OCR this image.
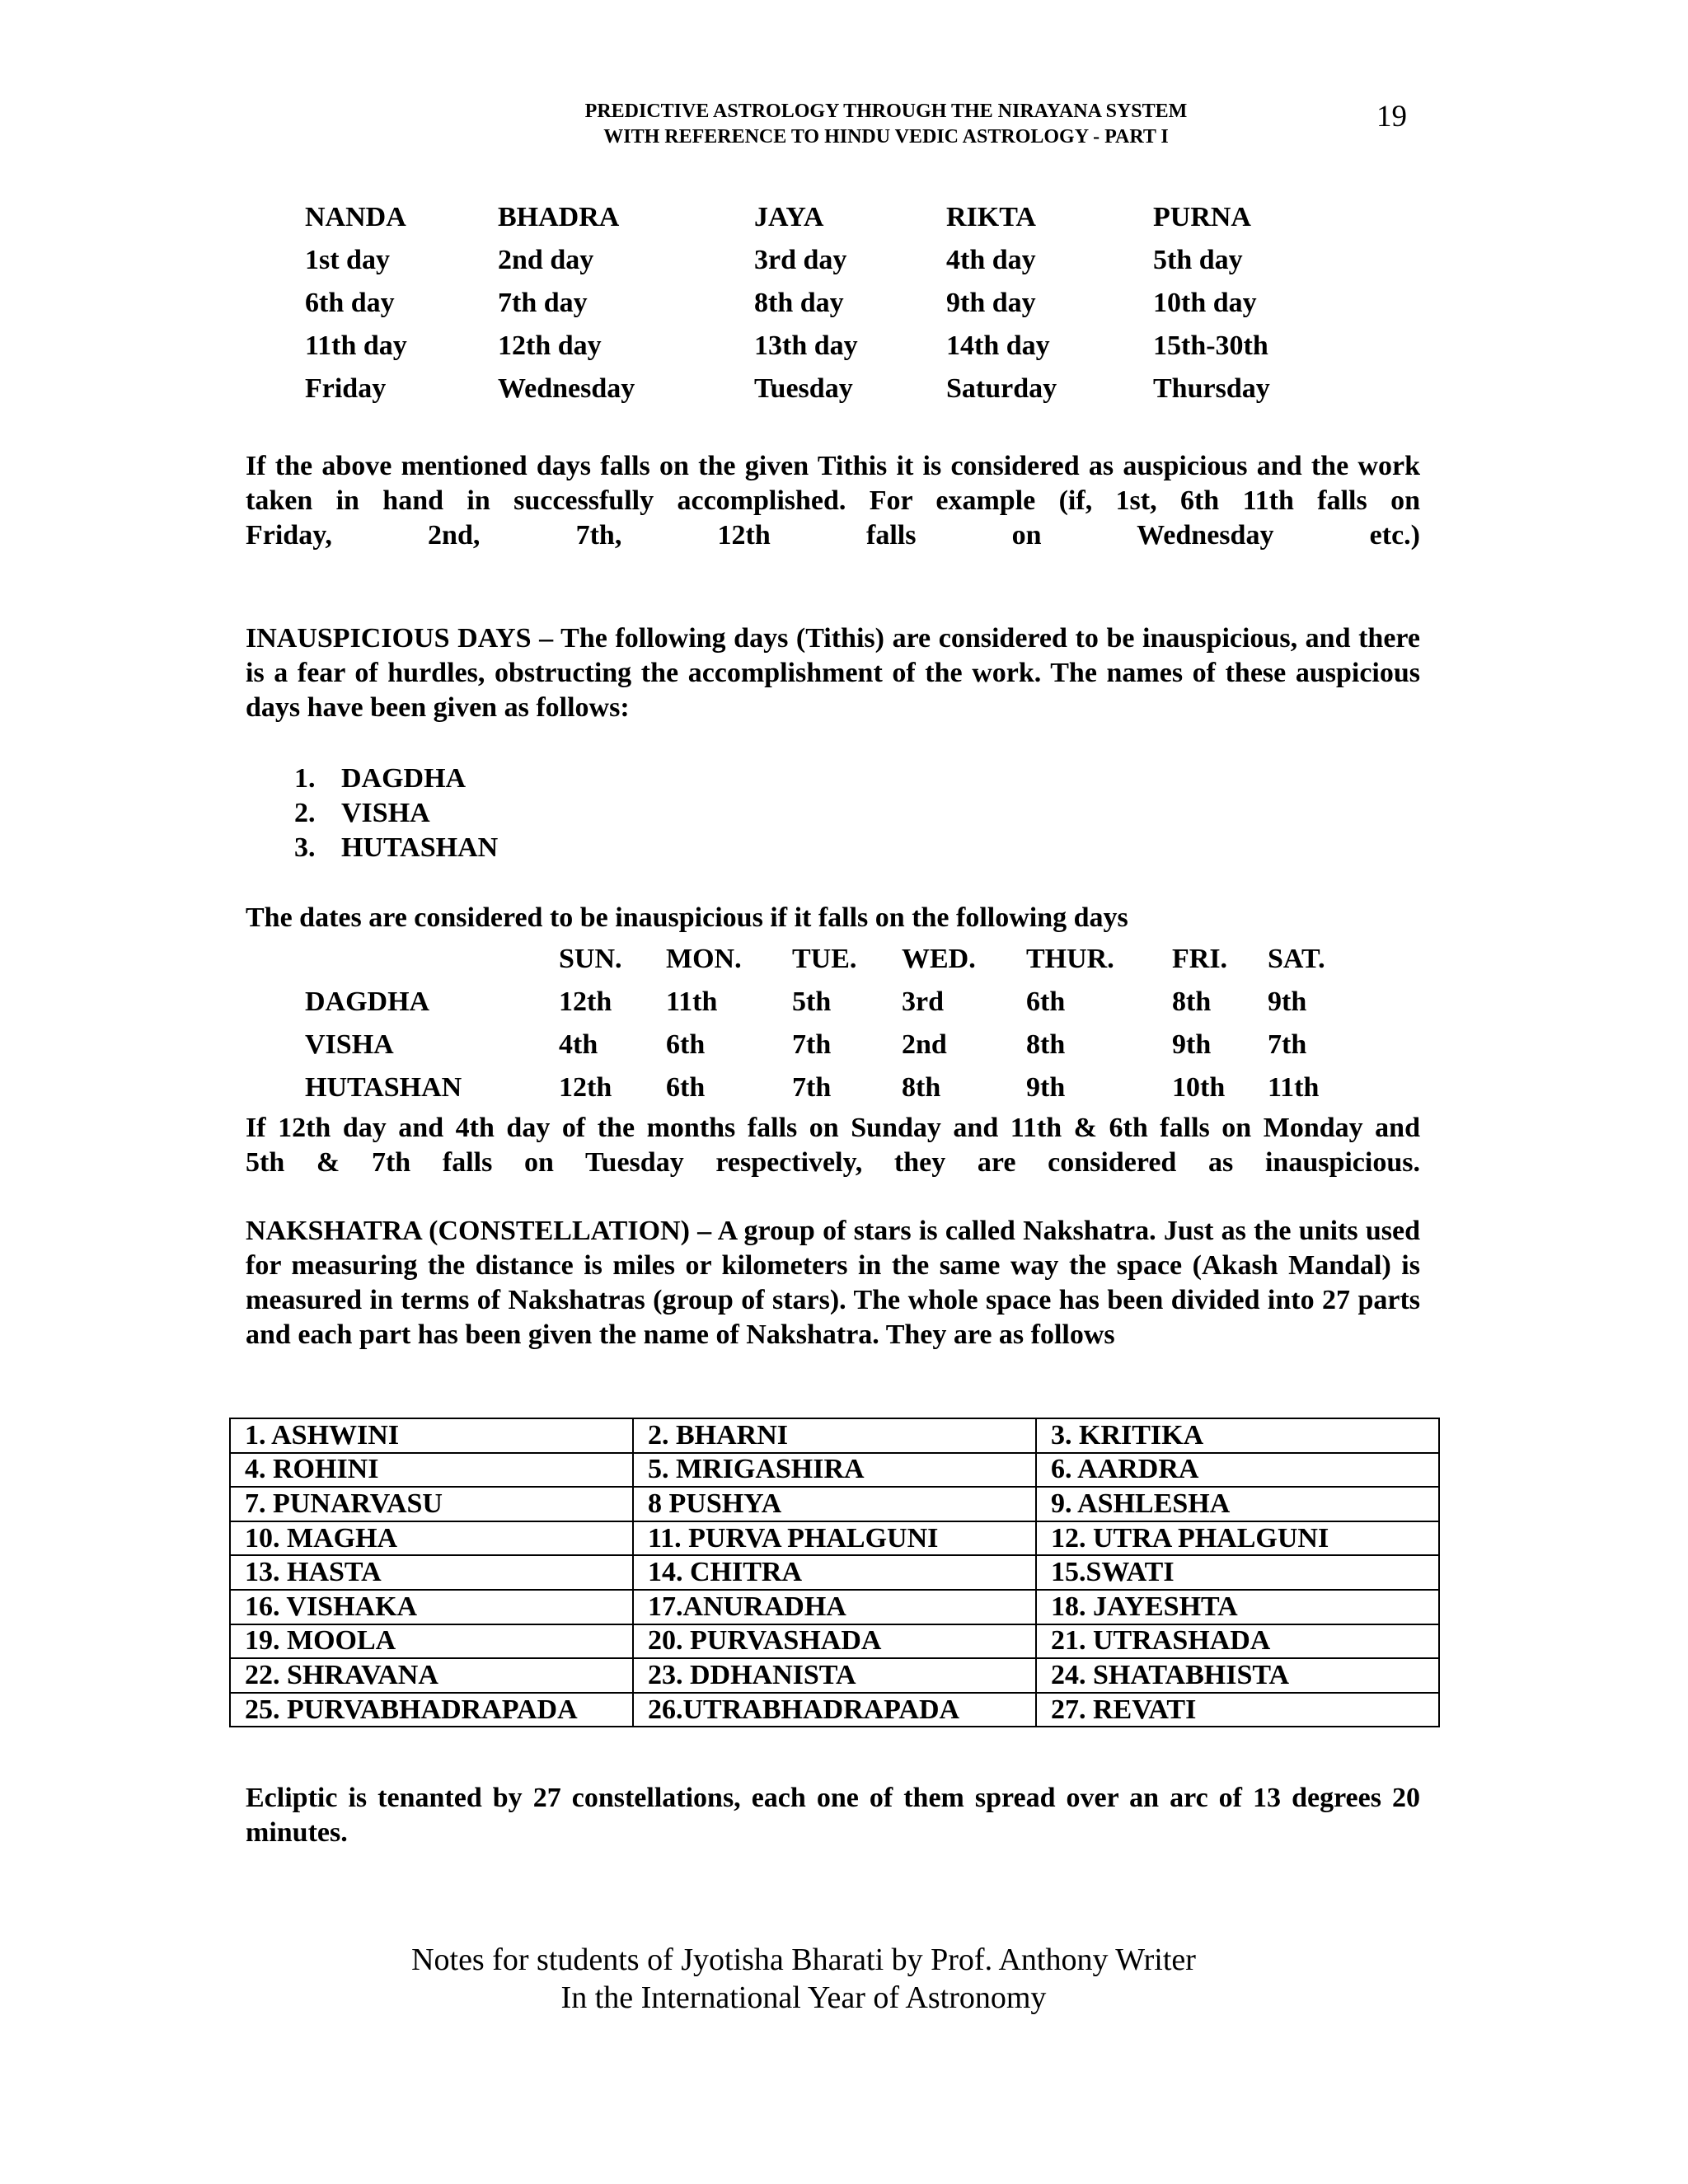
PREDICTIVE ASTROLOGY THROUGH THE NIRAYANA SYSTEM
WITH REFERENCE TO HINDU VEDIC ASTROLOGY - PART I
19
NANDA	BHADRA	JAYA	RIKTA	PURNA
1st day	2nd day	3rd day	4th day	5th day
6th day	7th day	8th day	9th day	10th day
11th day	12th day	13th day	14th day	15th-30th
Friday	Wednesday	Tuesday	Saturday	Thursday
If the above mentioned days falls on the given Tithis it is considered as auspicious and the work taken in hand in successfully accomplished. For example (if, 1st, 6th 11th falls on
Friday, 2nd, 7th, 12th falls on Wednesday etc.)
INAUSPICIOUS DAYS – The following days (Tithis) are considered to be inauspicious, and there is a fear of hurdles, obstructing the accomplishment of the work. The names of these auspicious days have been given as follows:
1. DAGDHA
2. VISHA
3. HUTASHAN
The dates are considered to be inauspicious if it falls on the following days
SUN. MON. TUE. WED. THUR. FRI. SAT.
DAGDHA	12th 11th	5th	3rd	6th	8th 9th
VISHA	4th 6th	7th	2nd	8th	9th 7th
HUTASHAN	12th 6th	7th	8th	9th	10th 11th
If 12th day and 4th day of the months falls on Sunday and 11th & 6th falls on Monday and
5th & 7th falls on Tuesday respectively, they are considered as inauspicious.
NAKSHATRA (CONSTELLATION) – A group of stars is called Nakshatra. Just as the units used for measuring the distance is miles or kilometers in the same way the space (Akash Mandal) is measured in terms of Nakshatras (group of stars). The whole space has been divided into 27 parts and each part has been given the name of Nakshatra. They are as follows
1. ASHWINI	2. BHARNI	3. KRITIKA
4. ROHINI	5. MRIGASHIRA	6. AARDRA
7. PUNARVASU	8 PUSHYA	9. ASHLESHA
10. MAGHA	11. PURVA PHALGUNI	12. UTRA PHALGUNI
13. HASTA	14. CHITRA	15.SWATI
16. VISHAKA	17.ANURADHA	18. JAYESHTA
19. MOOLA	20. PURVASHADA	21. UTRASHADA
22. SHRAVANA	23. DDHANISTA	24. SHATABHISTA
25. PURVABHADRAPADA	26.UTRABHADRAPADA	27. REVATI
Ecliptic is tenanted by 27 constellations, each one of them spread over an arc of 13 degrees 20 minutes.
Notes for students of Jyotisha Bharati by Prof. Anthony Writer
In the International Year of Astronomy
